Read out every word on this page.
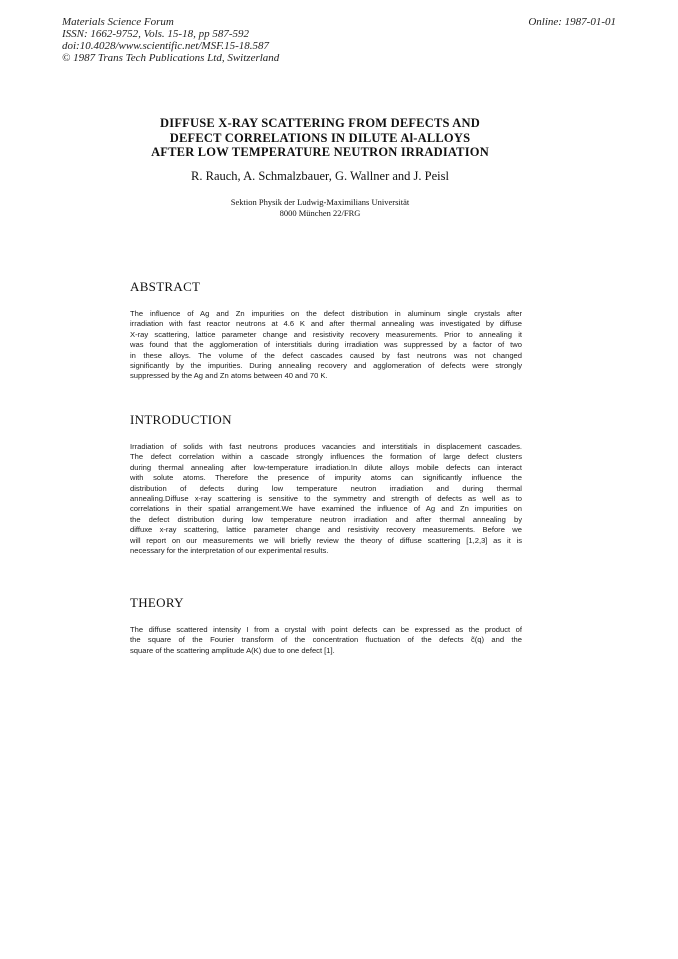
Materials Science Forum
ISSN: 1662-9752, Vols. 15-18, pp 587-592
doi:10.4028/www.scientific.net/MSF.15-18.587
© 1987 Trans Tech Publications Ltd, Switzerland
Online: 1987-01-01
DIFFUSE X-RAY SCATTERING FROM DEFECTS AND
DEFECT CORRELATIONS IN DILUTE Al-ALLOYS
AFTER LOW TEMPERATURE NEUTRON IRRADIATION
R. Rauch, A. Schmalzbauer, G. Wallner and J. Peisl
Sektion Physik der Ludwig-Maximilians Universität
8000 München 22/FRG
ABSTRACT
The influence of Ag and Zn impurities on the defect distribution in aluminum single crystals after
irradiation with fast reactor neutrons at 4.6 K and after thermal annealing was investigated by diffuse
X-ray scattering, lattice parameter change and resistivity recovery measurements. Prior to annealing it
was found that the agglomeration of interstitials during irradiation was suppressed by a factor of two
in these alloys. The volume of the defect cascades caused by fast neutrons was not changed
significantly by the impurities. During annealing recovery and agglomeration of defects were strongly
suppressed by the Ag and Zn atoms between 40 and 70 K.
INTRODUCTION
Irradiation of solids with fast neutrons produces vacancies and interstitials in displacement cascades.
The defect correlation within a cascade strongly influences the formation of large defect clusters
during thermal annealing after low-temperature irradiation.In dilute alloys mobile defects can interact
with solute atoms. Therefore the presence of impurity atoms can significantly influence the
distribution of defects during low temperature neutron irradiation and during thermal
annealing.Diffuse x-ray scattering is sensitive to the symmetry and strength of defects as well as to
correlations in their spatial arrangement.We have examined the influence of Ag and Zn impurities on
the defect distribution during low temperature neutron irradiation and after thermal annealing by
diffuxe x-ray scattering, lattice parameter change and resistivity recovery measurements. Before we
will report on our measurements we will briefly review the theory of diffuse scattering [1,2,3] as it is
necessary for the interpretation of our experimental results.
THEORY
The diffuse scattered intensity I from a crystal with point defects can be expressed as the product of
the square of the Fourier transform of the concentration fluctuation of the defects c̃(q) and the
square of the scattering amplitude A(K) due to one defect [1].
